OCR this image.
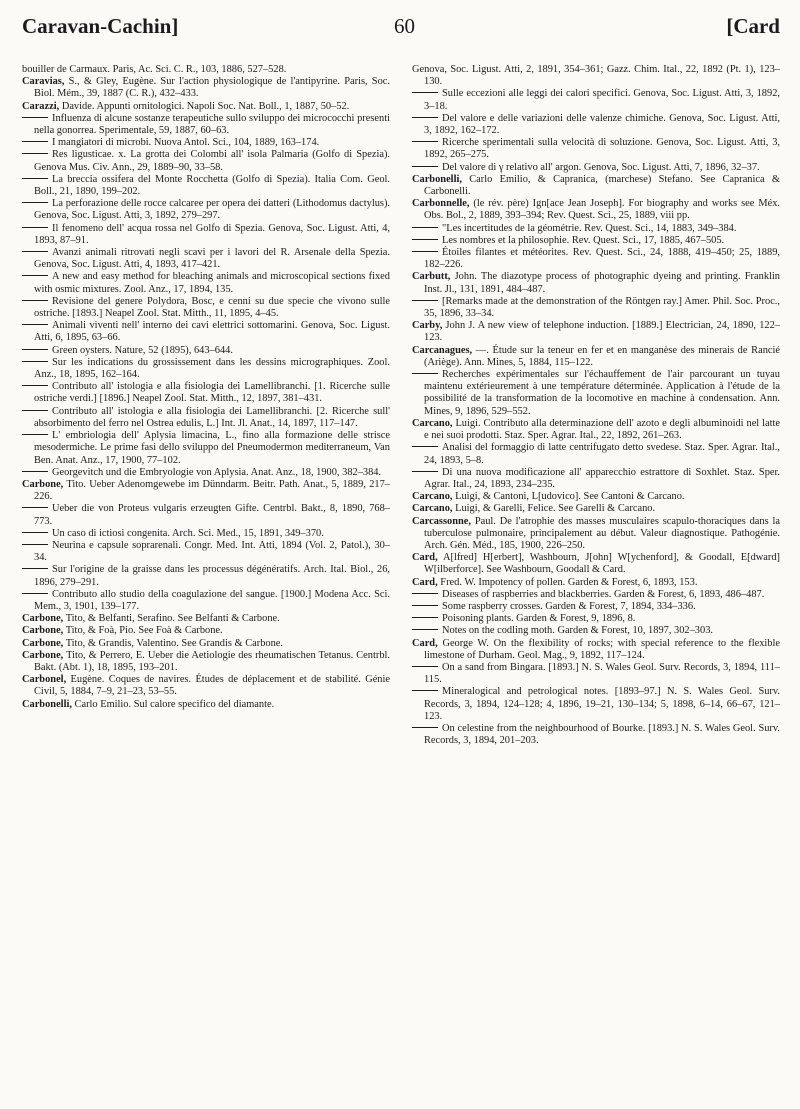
Caravan-Cachin]	60	[Card

bouiller de Carmaux. Paris, Ac. Sci. C. R., 103, 1886, 527–528.

Caravias, S., & Gley, Eugène. Sur l'action physiologique de l'antipyrine. Paris, Soc. Biol. Mém., 39, 1887 (C. R.), 432–433.

Carazzi, Davide. Appunti ornitologici. Napoli Soc. Nat. Boll., 1, 1887, 50–52.

Influenza di alcune sostanze terapeutiche sullo sviluppo dei micrococchi presenti nella gonorrea. Sperimentale, 59, 1887, 60–63.

I mangiatori di microbi. Nuova Antol. Sci., 104, 1889, 163–174.

Res ligusticae. x. La grotta dei Colombi all' isola Palmaria (Golfo di Spezia). Genova Mus. Civ. Ann., 29, 1889–90, 33–58.

La breccia ossifera del Monte Rocchetta (Golfo di Spezia). Italia Com. Geol. Boll., 21, 1890, 199–202.

La perforazione delle rocce calcaree per opera dei datteri (Lithodomus dactylus). Genova, Soc. Ligust. Atti, 3, 1892, 279–297.

Il fenomeno dell' acqua rossa nel Golfo di Spezia. Genova, Soc. Ligust. Atti, 4, 1893, 87–91.

Avanzi animali ritrovati negli scavi per i lavori del R. Arsenale della Spezia. Genova, Soc. Ligust. Atti, 4, 1893, 417–421.

A new and easy method for bleaching animals and microscopical sections fixed with osmic mixtures. Zool. Anz., 17, 1894, 135.

Revisione del genere Polydora, Bosc, e cenni su due specie che vivono sulle ostriche. [1893.] Neapel Zool. Stat. Mitth., 11, 1895, 4–45.

Animali viventi nell' interno dei cavi elettrici sottomarini. Genova, Soc. Ligust. Atti, 6, 1895, 63–66.

Green oysters. Nature, 52 (1895), 643–644.

Sur les indications du grossissement dans les dessins micrographiques. Zool. Anz., 18, 1895, 162–164.

Contributo all' istologia e alla fisiologia dei Lamellibranchi. [1. Ricerche sulle ostriche verdi.] [1896.] Neapel Zool. Stat. Mitth., 12, 1897, 381–431.

Contributo all' istologia e alla fisiologia dei Lamellibranchi. [2. Ricerche sull' absorbimento del ferro nel Ostrea edulis, L.] Int. Jl. Anat., 14, 1897, 117–147.

L' embriologia dell' Aplysia limacina, L., fino alla formazione delle strisce mesodermiche. Le prime fasi dello sviluppo del Pneumodermon mediterraneum, Van Ben. Anat. Anz., 17, 1900, 77–102.

Georgevitch und die Embryologie von Aplysia. Anat. Anz., 18, 1900, 382–384.

Carbone, Tito. Ueber Adenomgewebe im Dünndarm. Beitr. Path. Anat., 5, 1889, 217–226.

Ueber die von Proteus vulgaris erzeugten Gifte. Centrbl. Bakt., 8, 1890, 768–773.

Un caso di ictiosi congenita. Arch. Sci. Med., 15, 1891, 349–370.

Neurina e capsule soprarenali. Congr. Med. Int. Atti, 1894 (Vol. 2, Patol.), 30–34.

Sur l'origine de la graisse dans les processus dégénératifs. Arch. Ital. Biol., 26, 1896, 279–291.

Contributo allo studio della coagulazione del sangue. [1900.] Modena Acc. Sci. Mem., 3, 1901, 139–177.

Carbone, Tito, & Belfanti, Serafino. See Belfanti & Carbone.

Carbone, Tito, & Foà, Pio. See Foà & Carbone.

Carbone, Tito, & Grandis, Valentino. See Grandis & Carbone.

Carbone, Tito, & Perrero, E. Ueber die Aetiologie des rheumatischen Tetanus. Centrbl. Bakt. (Abt. 1), 18, 1895, 193–201.

Carbonel, Eugène. Coques de navires. Études de déplacement et de stabilité. Génie Civil, 5, 1884, 7–9, 21–23, 53–55.

Carbonelli, Carlo Emilio. Sul calore specifico del diamante.

Genova, Soc. Ligust. Atti, 2, 1891, 354–361; Gazz. Chim. Ital., 22, 1892 (Pt. 1), 123–130.

Sulle eccezioni alle leggi dei calori specifici. Genova, Soc. Ligust. Atti, 3, 1892, 3–18.

Del valore e delle variazioni delle valenze chimiche. Genova, Soc. Ligust. Atti, 3, 1892, 162–172.

Ricerche sperimentali sulla velocità di soluzione. Genova, Soc. Ligust. Atti, 3, 1892, 265–275.

Del valore di γ relativo all' argon. Genova, Soc. Ligust. Atti, 7, 1896, 32–37.

Carbonelli, Carlo Emilio, & Capranica, (marchese) Stefano. See Capranica & Carbonelli.

Carbonnelle, (le rév. père) Ign[ace Jean Joseph]. For biography and works see Méx. Obs. Bol., 2, 1889, 393–394; Rev. Quest. Sci., 25, 1889, viii pp.

"Les incertitudes de la géométrie. Rev. Quest. Sci., 14, 1883, 349–384.

Les nombres et la philosophie. Rev. Quest. Sci., 17, 1885, 467–505.

Étoiles filantes et météorites. Rev. Quest. Sci., 24, 1888, 419–450; 25, 1889, 182–226.

Carbutt, John. The diazotype process of photographic dyeing and printing. Franklin Inst. Jl., 131, 1891, 484–487.

[Remarks made at the demonstration of the Röntgen ray.] Amer. Phil. Soc. Proc., 35, 1896, 33–34.

Carby, John J. A new view of telephone induction. [1889.] Electrician, 24, 1890, 122–123.

Carcanagues, —. Étude sur la teneur en fer et en manganèse des minerais de Rancié (Ariège). Ann. Mines, 5, 1884, 115–122.

Recherches expérimentales sur l'échauffement de l'air parcourant un tuyau maintenu extérieurement à une température déterminée. Application à l'étude de la possibilité de la transformation de la locomotive en machine à condensation. Ann. Mines, 9, 1896, 529–552.

Carcano, Luigi. Contributo alla determinazione dell' azoto e degli albuminoidi nel latte e nei suoi prodotti. Staz. Sper. Agrar. Ital., 22, 1892, 261–263.

Analisi del formaggio di latte centrifugato detto svedese. Staz. Sper. Agrar. Ital., 24, 1893, 5–8.

Di una nuova modificazione all' apparecchio estrattore di Soxhlet. Staz. Sper. Agrar. Ital., 24, 1893, 234–235.

Carcano, Luigi, & Cantoni, L[udovico]. See Cantoni & Carcano.

Carcano, Luigi, & Garelli, Felice. See Garelli & Carcano.

Carcassonne, Paul. De l'atrophie des masses musculaires scapulo-thoraciques dans la tuberculose pulmonaire, principalement au début. Valeur diagnostique. Pathogénie. Arch. Gén. Méd., 185, 1900, 226–250.

Card, A[lfred] H[erbert], Washbourn, J[ohn] W[ychenford], & Goodall, E[dward] W[ilberforce]. See Washbourn, Goodall & Card.

Card, Fred. W. Impotency of pollen. Garden & Forest, 6, 1893, 153.

Diseases of raspberries and blackberries. Garden & Forest, 6, 1893, 486–487.

Some raspberry crosses. Garden & Forest, 7, 1894, 334–336.

Poisoning plants. Garden & Forest, 9, 1896, 8.

Notes on the codling moth. Garden & Forest, 10, 1897, 302–303.

Card, George W. On the flexibility of rocks; with special reference to the flexible limestone of Durham. Geol. Mag., 9, 1892, 117–124.

On a sand from Bingara. [1893.] N. S. Wales Geol. Surv. Records, 3, 1894, 111–115.

Mineralogical and petrological notes. [1893–97.] N. S. Wales Geol. Surv. Records, 3, 1894, 124–128; 4, 1896, 19–21, 130–134; 5, 1898, 6–14, 66–67, 121–123.

On celestine from the neighbourhood of Bourke. [1893.] N. S. Wales Geol. Surv. Records, 3, 1894, 201–203.
